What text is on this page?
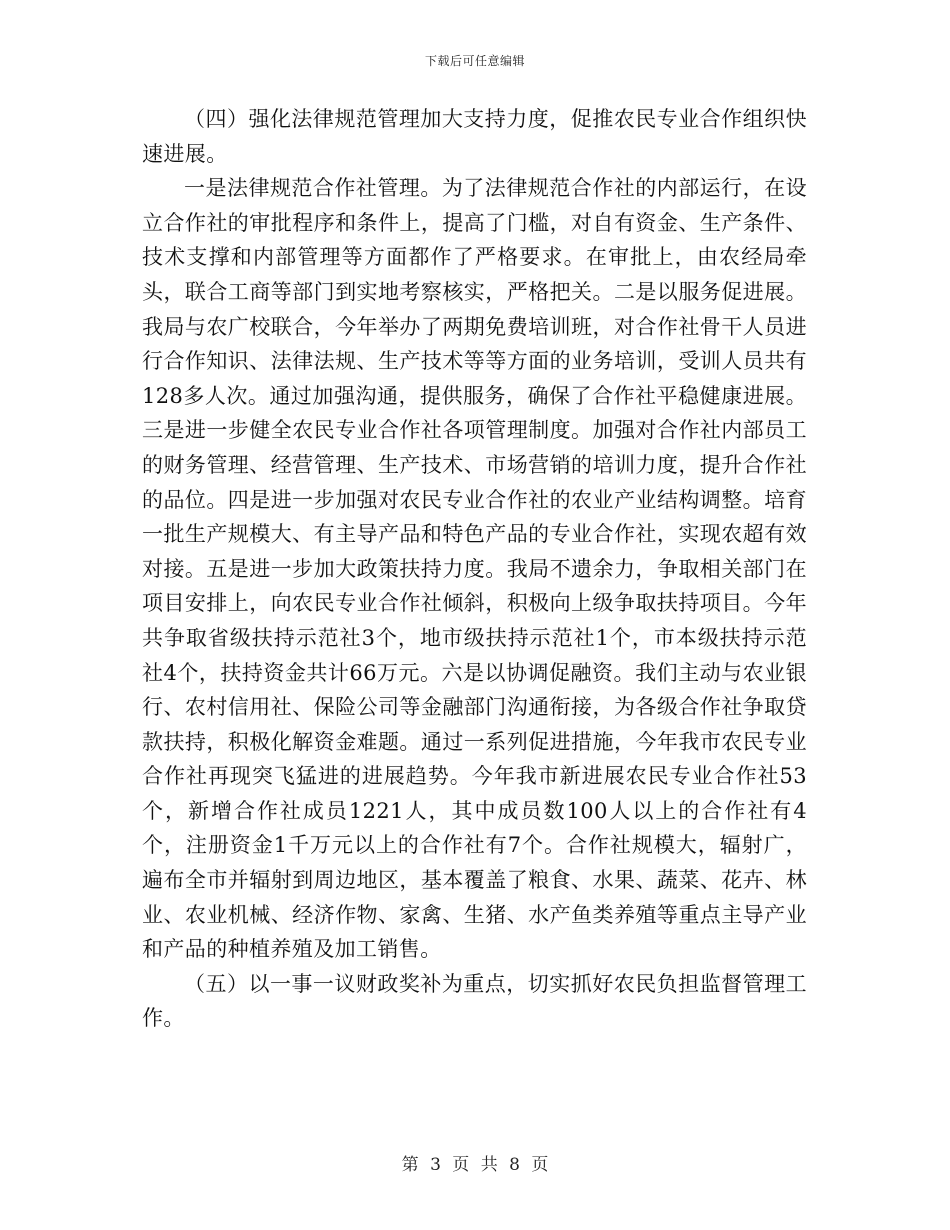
下载后可任意编辑

（四）强化法律规范管理加大支持力度，促推农民专业合作组织快速进展。

一是法律规范合作社管理。为了法律规范合作社的内部运行，在设立合作社的审批程序和条件上，提高了门槛，对自有资金、生产条件、技术支撑和内部管理等方面都作了严格要求。在审批上，由农经局牵头，联合工商等部门到实地考察核实，严格把关。二是以服务促进展。我局与农广校联合，今年举办了两期免费培训班，对合作社骨干人员进行合作知识、法律法规、生产技术等等方面的业务培训，受训人员共有128多人次。通过加强沟通，提供服务，确保了合作社平稳健康进展。三是进一步健全农民专业合作社各项管理制度。加强对合作社内部员工的财务管理、经营管理、生产技术、市场营销的培训力度，提升合作社的品位。四是进一步加强对农民专业合作社的农业产业结构调整。培育一批生产规模大、有主导产品和特色产品的专业合作社，实现农超有效对接。五是进一步加大政策扶持力度。我局不遗余力，争取相关部门在项目安排上，向农民专业合作社倾斜，积极向上级争取扶持项目。今年共争取省级扶持示范社3个，地市级扶持示范社1个，市本级扶持示范社4个，扶持资金共计66万元。六是以协调促融资。我们主动与农业银行、农村信用社、保险公司等金融部门沟通衔接，为各级合作社争取贷款扶持，积极化解资金难题。通过一系列促进措施，今年我市农民专业合作社再现突飞猛进的进展趋势。今年我市新进展农民专业合作社53个，新增合作社成员1221人，其中成员数100人以上的合作社有4个，注册资金1千万元以上的合作社有7个。合作社规模大，辐射广，遍布全市并辐射到周边地区，基本覆盖了粮食、水果、蔬菜、花卉、林业、农业机械、经济作物、家禽、生猪、水产鱼类养殖等重点主导产业和产品的种植养殖及加工销售。

（五）以一事一议财政奖补为重点，切实抓好农民负担监督管理工作。

第 3 页 共 8 页
